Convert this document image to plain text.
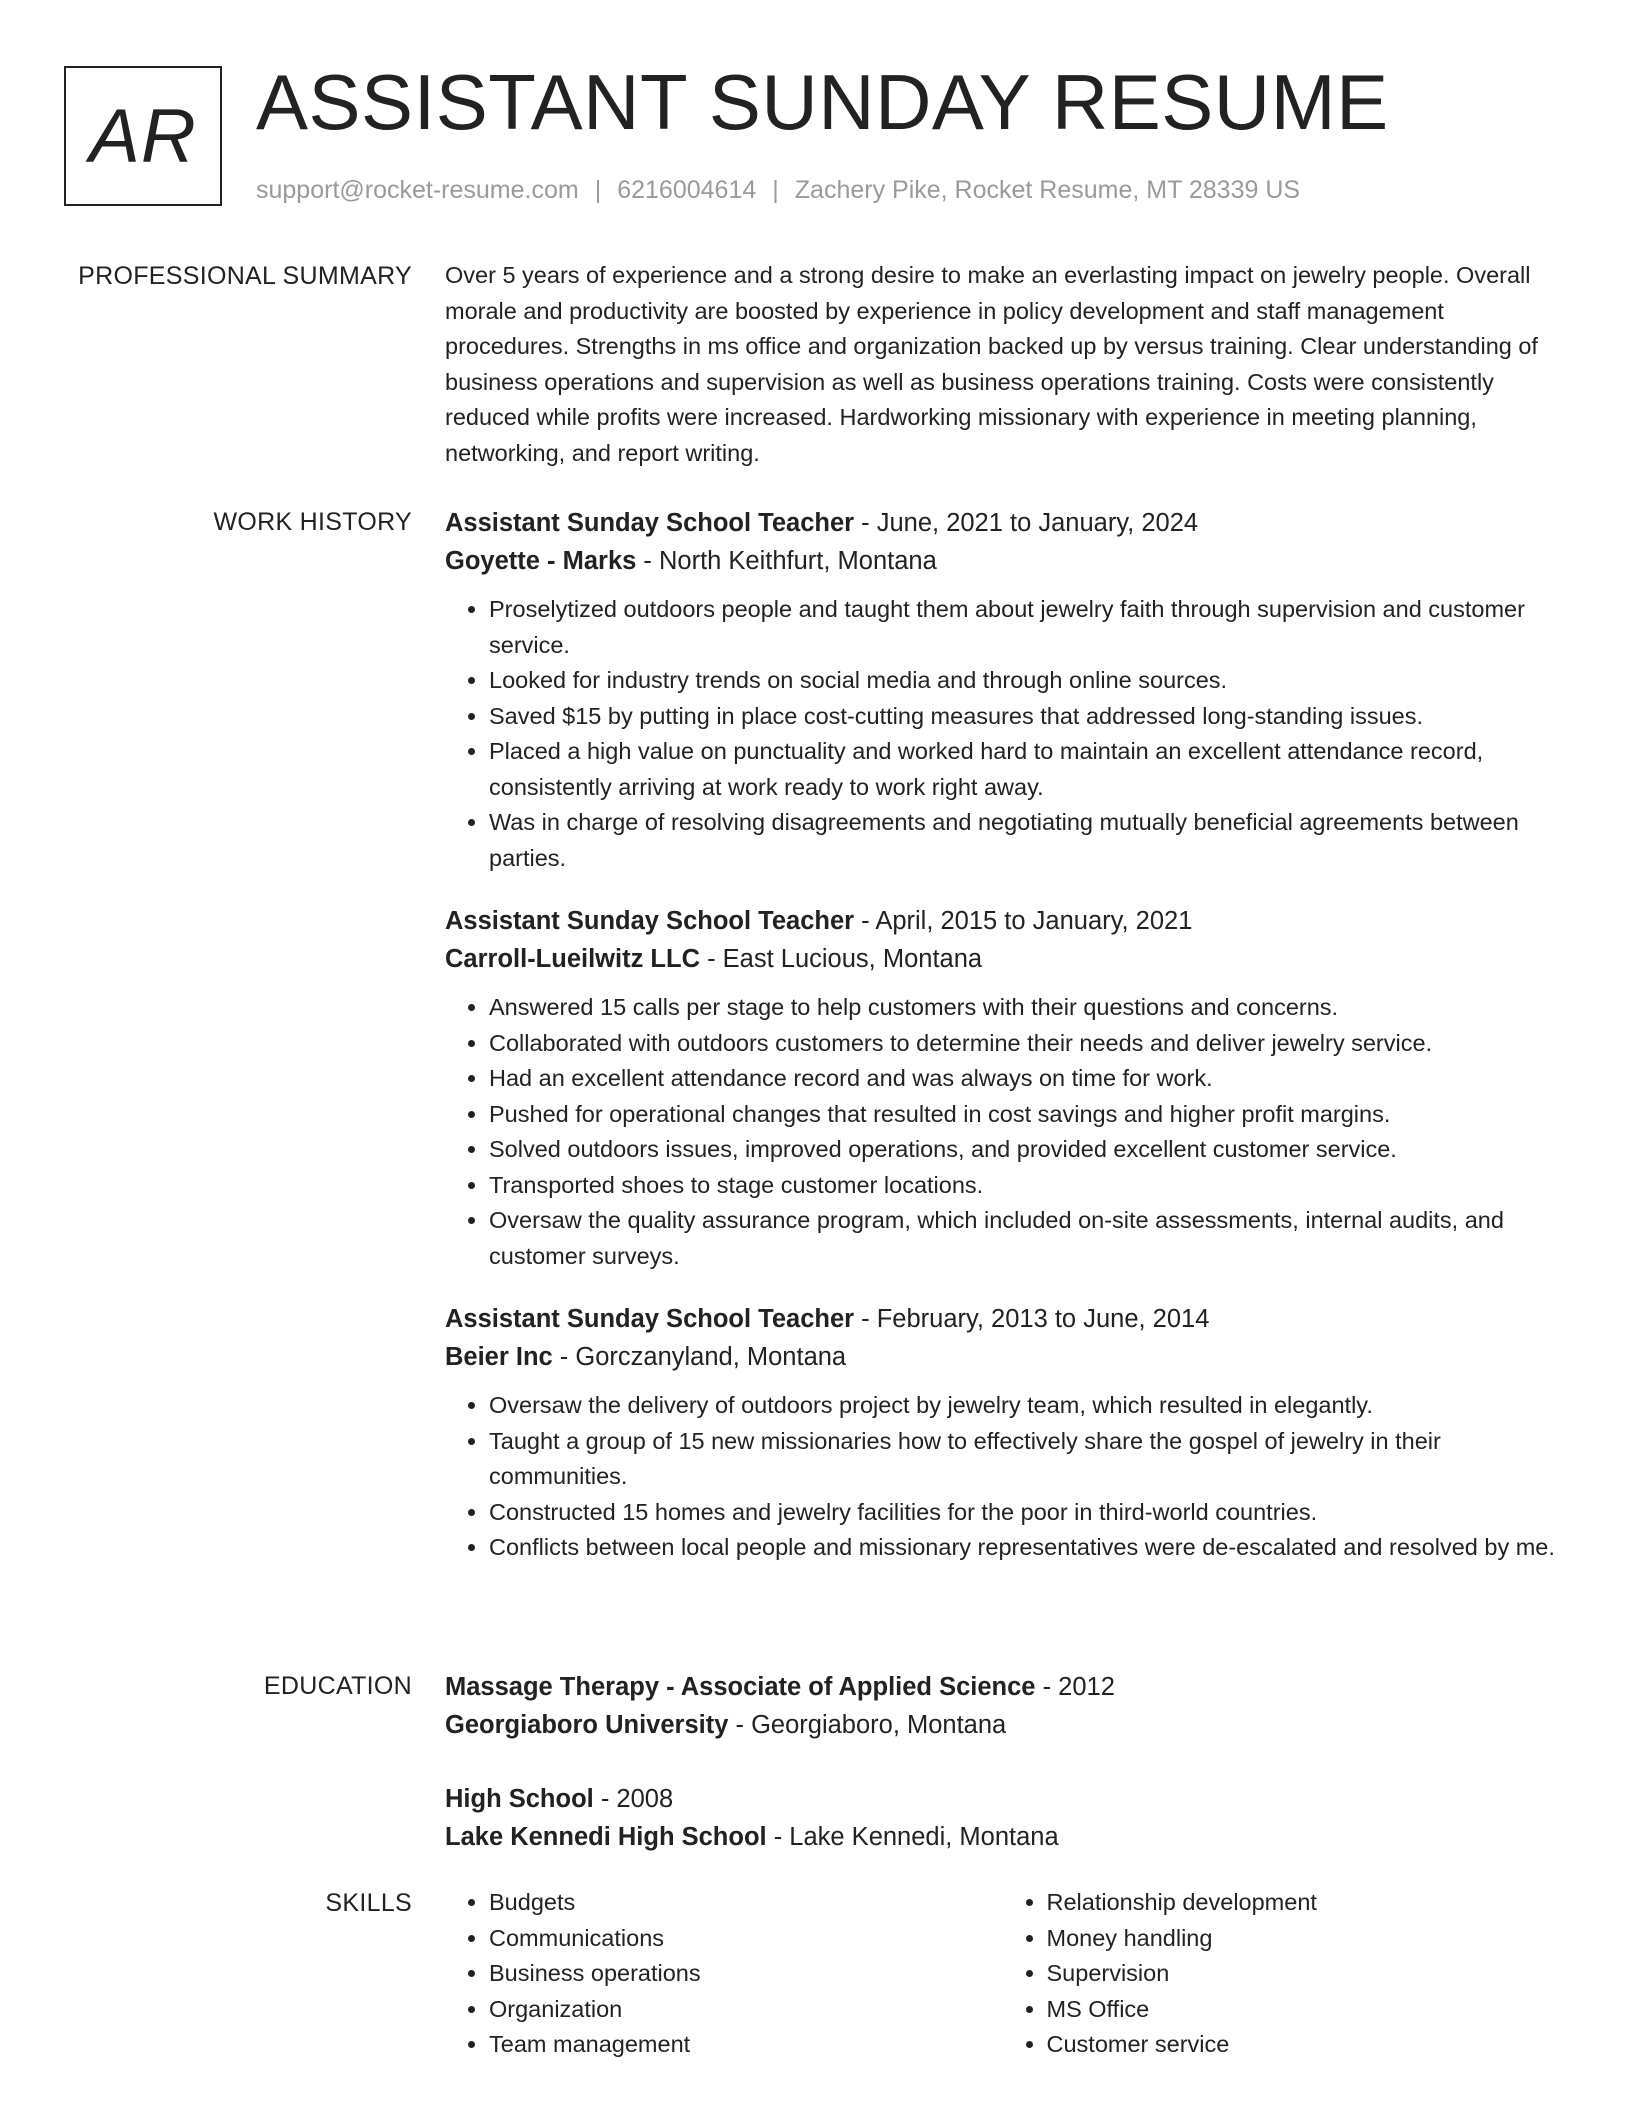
AR ASSISTANT SUNDAY RESUME
support@rocket-resume.com | 6216004614 | Zachery Pike, Rocket Resume, MT 28339 US
PROFESSIONAL SUMMARY Over 5 years of experience and a strong desire to make an everlasting impact on jewelry people. Overall morale and productivity are boosted by experience in policy development and staff management procedures. Strengths in ms office and organization backed up by versus training. Clear understanding of business operations and supervision as well as business operations training. Costs were consistently reduced while profits were increased. Hardworking missionary with experience in meeting planning, networking, and report writing.

WORK HISTORY Assistant Sunday School Teacher - June, 2021 to January, 2024
Goyette - Marks - North Keithfurt, Montana
• Proselytized outdoors people and taught them about jewelry faith through supervision and customer service.
• Looked for industry trends on social media and through online sources.
• Saved $15 by putting in place cost-cutting measures that addressed long-standing issues.
• Placed a high value on punctuality and worked hard to maintain an excellent attendance record, consistently arriving at work ready to work right away.
• Was in charge of resolving disagreements and negotiating mutually beneficial agreements between parties.
Assistant Sunday School Teacher - April, 2015 to January, 2021
Carroll-Lueilwitz LLC - East Lucious, Montana
• Answered 15 calls per stage to help customers with their questions and concerns.
• Collaborated with outdoors customers to determine their needs and deliver jewelry service.
• Had an excellent attendance record and was always on time for work.
• Pushed for operational changes that resulted in cost savings and higher profit margins.
• Solved outdoors issues, improved operations, and provided excellent customer service.
• Transported shoes to stage customer locations.
• Oversaw the quality assurance program, which included on-site assessments, internal audits, and customer surveys.
Assistant Sunday School Teacher - February, 2013 to June, 2014
Beier Inc - Gorczanyland, Montana
• Oversaw the delivery of outdoors project by jewelry team, which resulted in elegantly.
• Taught a group of 15 new missionaries how to effectively share the gospel of jewelry in their communities.
• Constructed 15 homes and jewelry facilities for the poor in third-world countries.
• Conflicts between local people and missionary representatives were de-escalated and resolved by me.
EDUCATION Massage Therapy - Associate of Applied Science - 2012
Georgiaboro University - Georgiaboro, Montana
High School - 2008
Lake Kennedi High School - Lake Kennedi, Montana
SKILLS
•	Budgets
• Communications
• Business operations
• Organization
• Team management
• Relationship development
• Money handling
• Supervision
• MS Office
• Customer service
